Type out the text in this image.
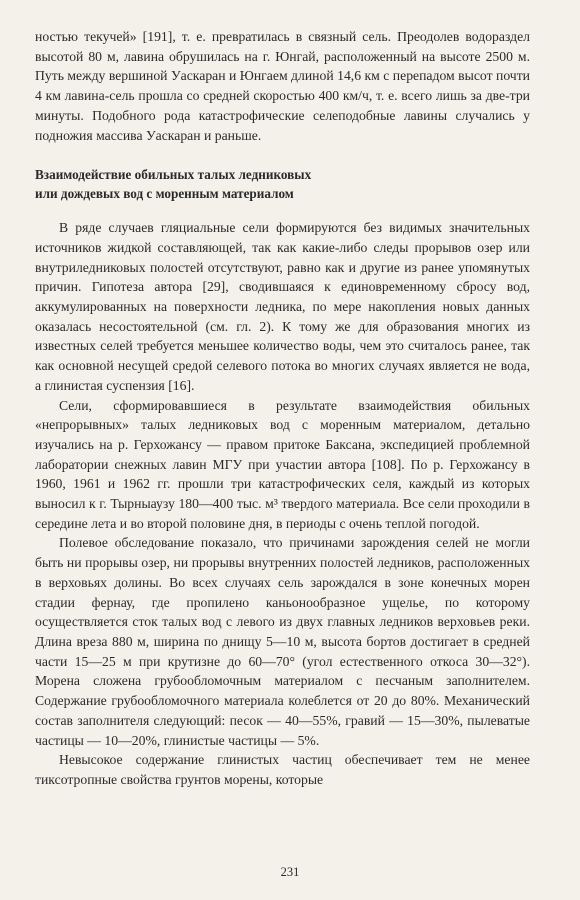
ностью текучей» [191], т. е. превратилась в связный сель. Преодолев водораздел высотой 80 м, лавина обрушилась на г. Юнгай, расположенный на высоте 2500 м. Путь между вершиной Уаскаран и Юнгаем длиной 14,6 км с перепадом высот почти 4 км лавина-сель прошла со средней скоростью 400 км/ч, т. е. всего лишь за две-три минуты. Подобного рода катастрофические селеподобные лавины случались у подножия массива Уаскаран и раньше.

Взаимодействие обильных талых ледниковых
или дождевых вод с моренным материалом

В ряде случаев гляциальные сели формируются без видимых значительных источников жидкой составляющей, так как какие-либо следы прорывов озер или внутриледниковых полостей отсутствуют, равно как и другие из ранее упомянутых причин. Гипотеза автора [29], сводившаяся к единовременному сбросу вод, аккумулированных на поверхности ледника, по мере накопления новых данных оказалась несостоятельной (см. гл. 2). К тому же для образования многих из известных селей требуется меньшее количество воды, чем это считалось ранее, так как основной несущей средой селевого потока во многих случаях является не вода, а глинистая суспензия [16].

Сели, сформировавшиеся в результате взаимодействия обильных «непрорывных» талых ледниковых вод с моренным материалом, детально изучались на р. Герхожансу — правом притоке Баксана, экспедицией проблемной лаборатории снежных лавин МГУ при участии автора [108]. По р. Герхожансу в 1960, 1961 и 1962 гг. прошли три катастрофических селя, каждый из которых выносил к г. Тырныаузу 180—400 тыс. м³ твердого материала. Все сели проходили в середине лета и во второй половине дня, в периоды с очень теплой погодой.

Полевое обследование показало, что причинами зарождения селей не могли быть ни прорывы озер, ни прорывы внутренних полостей ледников, расположенных в верховьях долины. Во всех случаях сель зарождался в зоне конечных морен стадии фернау, где пропилено каньонообразное ущелье, по которому осуществляется сток талых вод с левого из двух главных ледников верховьев реки. Длина вреза 880 м, ширина по днищу 5—10 м, высота бортов достигает в средней части 15—25 м при крутизне до 60—70° (угол естественного откоса 30—32°). Морена сложена грубообломочным материалом с песчаным заполнителем. Содержание грубообломочного материала колеблется от 20 до 80%. Механический состав заполнителя следующий: песок — 40—55%, гравий — 15—30%, пылеватые частицы — 10—20%, глинистые частицы — 5%.

Невысокое содержание глинистых частиц обеспечивает тем не менее тиксотропные свойства грунтов морены, которые

231
